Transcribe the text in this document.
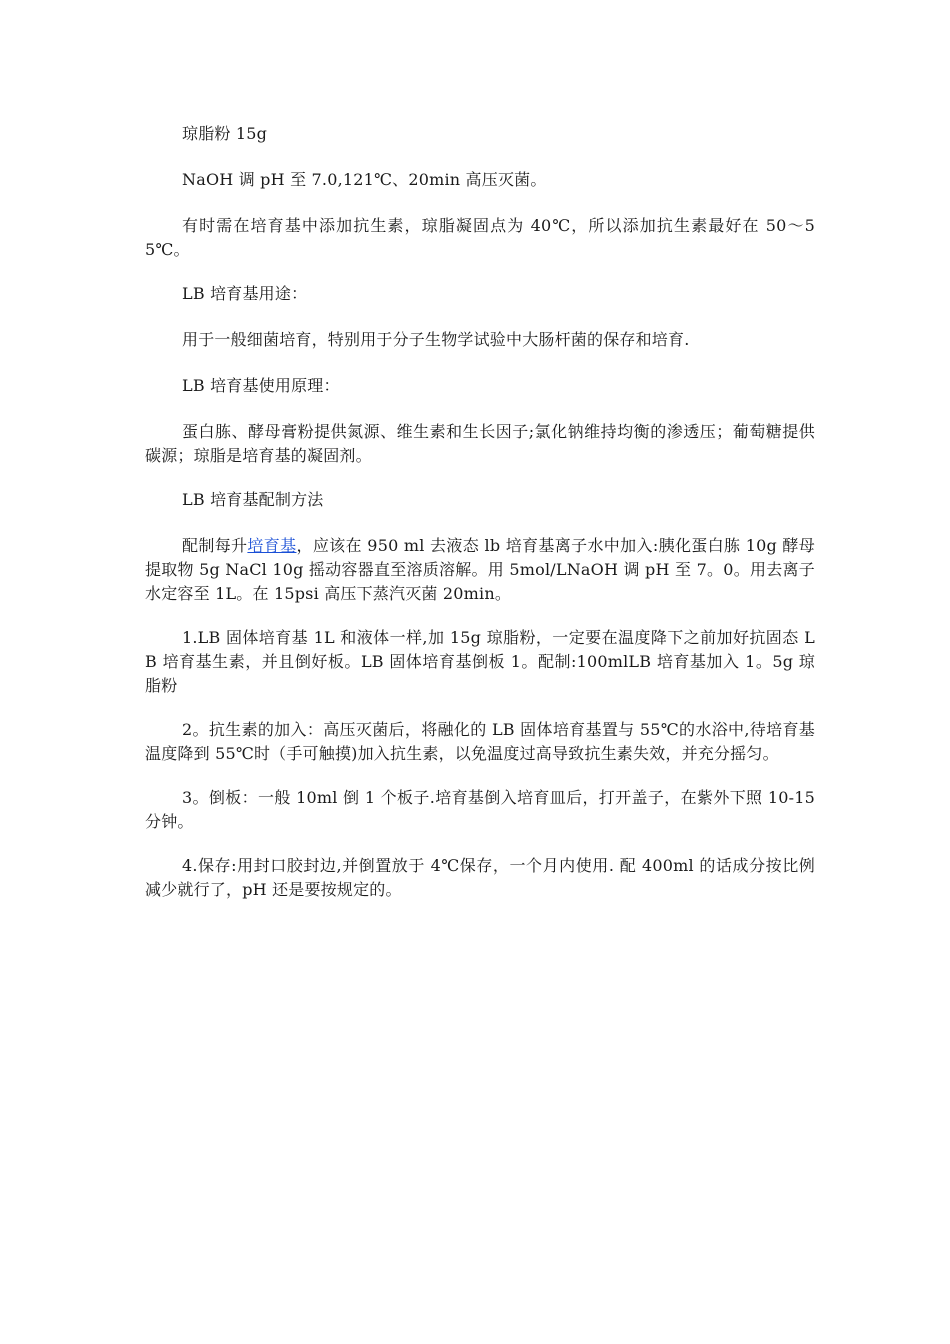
琼脂粉 15g

NaOH 调 pH 至 7.0,121℃、20min 高压灭菌。

有时需在培育基中添加抗生素，琼脂凝固点为 40℃，所以添加抗生素最好在 50～55℃。

LB 培育基用途：

用于一般细菌培育，特别用于分子生物学试验中大肠杆菌的保存和培育.

LB 培育基使用原理：

蛋白胨、酵母膏粉提供氮源、维生素和生长因子;氯化钠维持均衡的渗透压；葡萄糖提供碳源；琼脂是培育基的凝固剂。

LB 培育基配制方法

配制每升培育基，应该在 950 ml 去液态 lb 培育基离子水中加入:胰化蛋白胨 10g 酵母提取物 5g NaCl 10g 摇动容器直至溶质溶解。用 5mol/LNaOH 调 pH 至 7。0。用去离子水定容至 1L。在 15psi 高压下蒸汽灭菌 20min。

1.LB 固体培育基 1L 和液体一样,加 15g 琼脂粉，一定要在温度降下之前加好抗固态 LB 培育基生素，并且倒好板。LB 固体培育基倒板 1。配制:100mlLB 培育基加入 1。5g 琼脂粉

2。抗生素的加入：高压灭菌后，将融化的 LB 固体培育基置与 55℃的水浴中,待培育基温度降到 55℃时（手可触摸)加入抗生素，以免温度过高导致抗生素失效，并充分摇匀。

3。倒板：一般 10ml 倒 1 个板子.培育基倒入培育皿后，打开盖子，在紫外下照 10-15 分钟。

4.保存:用封口胶封边,并倒置放于 4℃保存，一个月内使用. 配 400ml 的话成分按比例减少就行了，pH 还是要按规定的。
